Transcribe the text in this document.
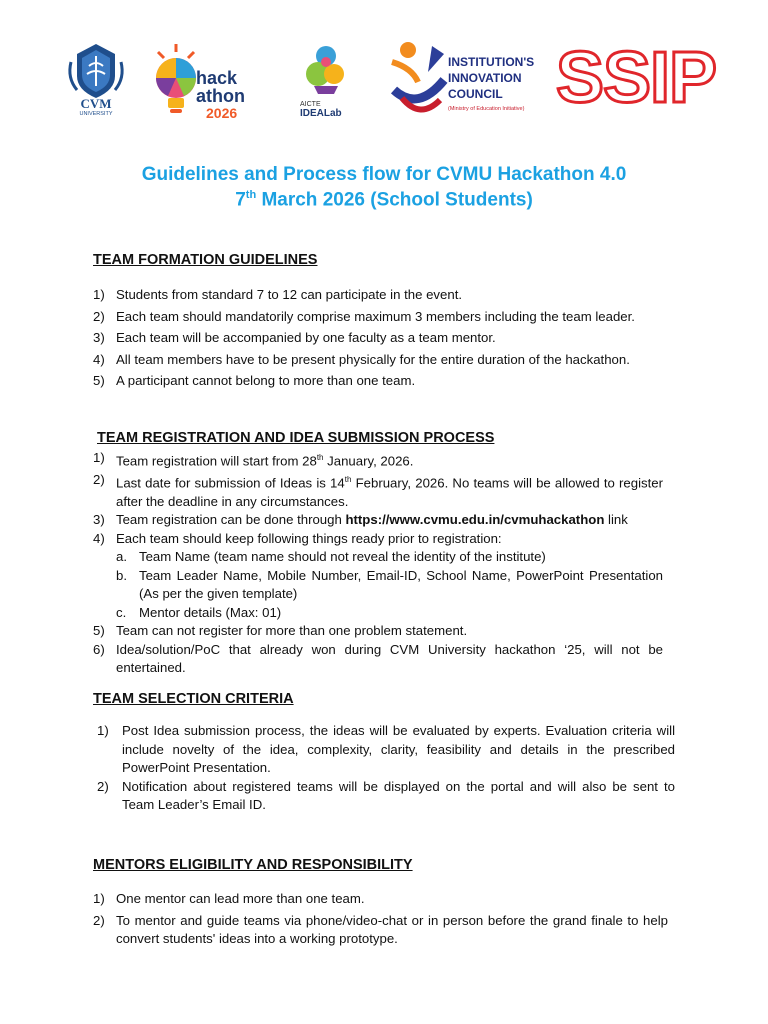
CVM
UNIVERSITY
hack
athon
2026
AICTE
IDEALab
INSTITUTION'S
INNOVATION
COUNCIL
(Ministry of Education Initiative) SSIP
Guidelines and Process flow for CVMU Hackathon 4.0
7th March 2026 (School Students)
TEAM FORMATION GUIDELINES
1) Students from standard 7 to 12 can participate in the event.
2) Each team should mandatorily comprise maximum 3 members including the team leader.
3) Each team will be accompanied by one faculty as a team mentor.
4) All team members have to be present physically for the entire duration of the hackathon.
5) A participant cannot belong to more than one team.
TEAM REGISTRATION AND IDEA SUBMISSION PROCESS
1) Team registration will start from 28th January, 2026.
2) Last date for submission of Ideas is 14th February, 2026. No teams will be allowed to register after the deadline in any circumstances.
3) Team registration can be done through https://www.cvmu.edu.in/cvmuhackathon link
4) Each team should keep following things ready prior to registration:
a. Team Name (team name should not reveal the identity of the institute)
b. Team Leader Name, Mobile Number, Email-ID, School Name, PowerPoint Presentation (As per the given template)
c. Mentor details (Max: 01)
5) Team can not register for more than one problem statement.
6) Idea/solution/PoC that already won during CVM University hackathon ‘25, will not be entertained.
TEAM SELECTION CRITERIA
1) Post Idea submission process, the ideas will be evaluated by experts. Evaluation criteria will include novelty of the idea, complexity, clarity, feasibility and details in the prescribed PowerPoint Presentation.
2) Notification about registered teams will be displayed on the portal and will also be sent to Team Leader’s Email ID.
MENTORS ELIGIBILITY AND RESPONSIBILITY
1) One mentor can lead more than one team.
2) To mentor and guide teams via phone/video-chat or in person before the grand finale to help convert students' ideas into a working prototype.
